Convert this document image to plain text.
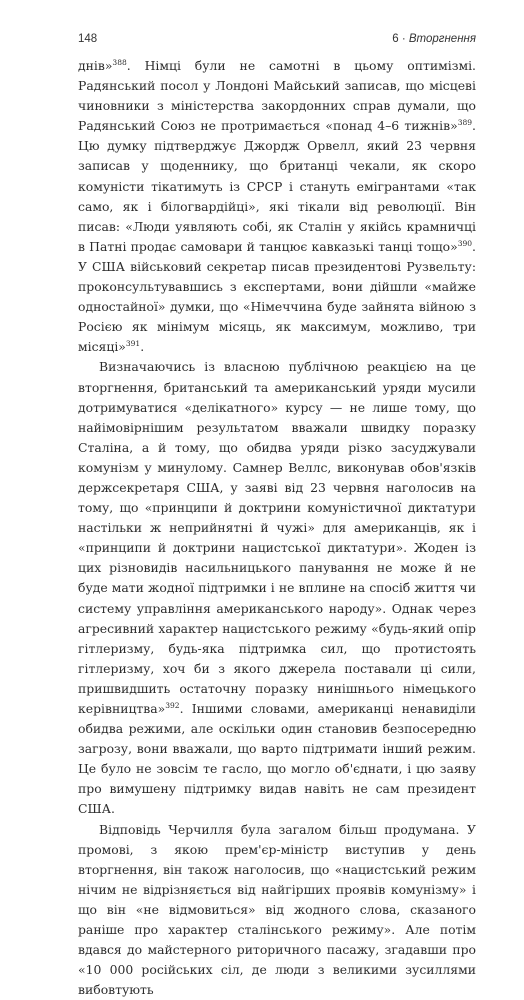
148	6 · Вторгнення

днів»$^{388}$. Німці були не самотні в цьому оптимізмі. Радянський посол у Лондоні Майський записав, що місцеві чиновники з міністерства закордонних справ думали, що Радянський Союз не протримається «понад 4–6 тижнів»$^{389}$. Цю думку підтверджує Джордж Орвелл, який 23 червня записав у щоденнику, що британці чекали, як скоро комуністи тікатимуть із СРСР і стануть емігрантами «так само, як і білогвардійці», які тікали від революції. Він писав: «Люди уявляють собі, як Сталін у якійсь крамничці в Патні продає самовари й танцює кавказькі танці тощо»$^{390}$. У США військовий секретар писав президентові Рузвельту: проконсультувавшись з експертами, вони дійшли «майже одностайної» думки, що «Німеччина буде зайнята війною з Росією як мінімум місяць, як максимум, можливо, три місяці»$^{391}$.

Визначаючись із власною публічною реакцією на це вторгнення, британський та американський уряди мусили дотримуватися «делікатного» курсу — не лише тому, що найімовірнішим результатом вважали швидку поразку Сталіна, а й тому, що обидва уряди різко засуджували комунізм у минулому. Самнер Веллс, виконував обов'язків держсекретаря США, у заяві від 23 червня наголосив на тому, що «принципи й доктрини комуністичної диктатури настільки ж неприйнятні й чужі» для американців, як і «принципи й доктрини нацистської диктатури». Жоден із цих різновидів насильницького панування не може й не буде мати жодної підтримки і не вплине на спосіб життя чи систему управління американського народу». Однак через агресивний характер нацистського режиму «будь-який опір гітлеризму, будь-яка підтримка сил, що протистоять гітлеризму, хоч би з якого джерела поставали ці сили, пришвидшить остаточну поразку нинішнього німецького керівництва»$^{392}$. Іншими словами, американці ненавиділи обидва режими, але оскільки один становив безпосередню загрозу, вони вважали, що варто підтримати інший режим. Це було не зовсім те гасло, що могло об'єднати, і цю заяву про вимушену підтримку видав навіть не сам президент США.

Відповідь Черчилля була загалом більш продумана. У промові, з якою прем'єр-міністр виступив у день вторгнення, він також наголосив, що «нацистський режим нічим не відрізняється від найгірших проявів комунізму» і що він «не відмовиться» від жодного слова, сказаного раніше про характер сталінського режиму». Але потім вдався до майстерного риторичного пасажу, згадавши про «10 000 російських сіл, де люди з великими зусиллями вибовтують
